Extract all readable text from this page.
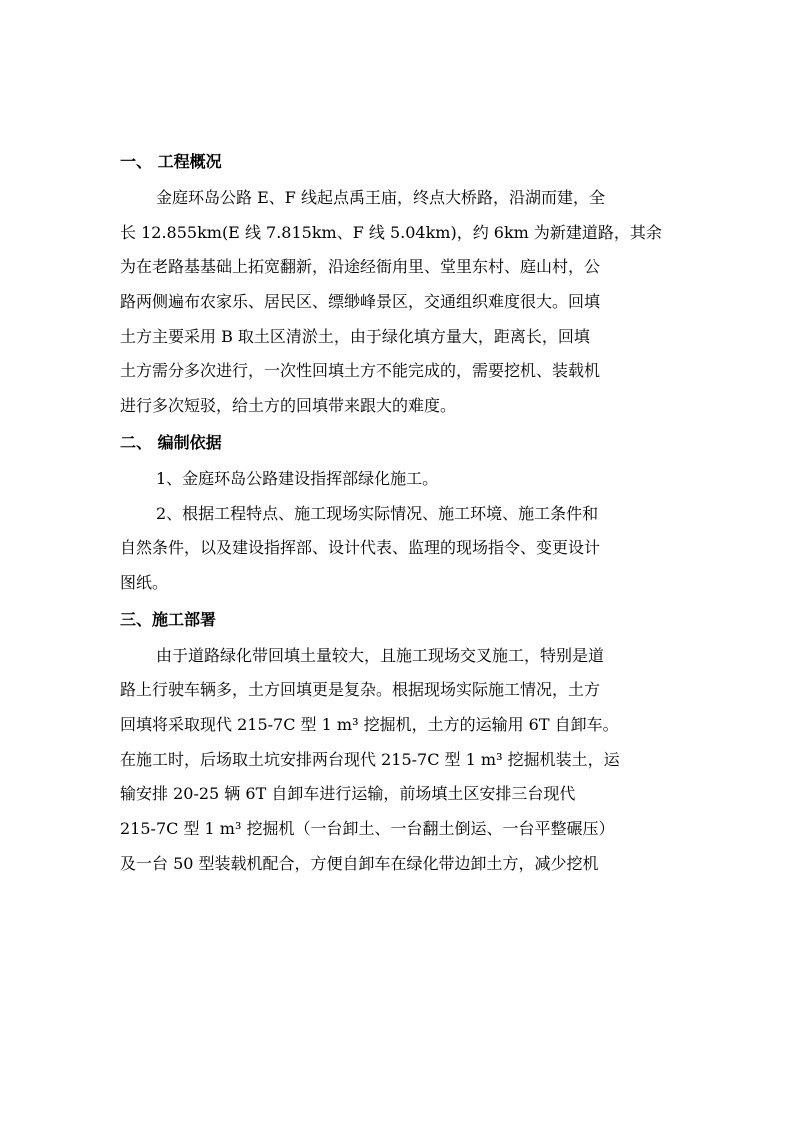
一、 工程概况
金庭环岛公路 E、F 线起点禹王庙，终点大桥路，沿湖而建，全
长 12.855km(E 线 7.815km、F 线 5.04km)，约 6km 为新建道路，其余
为在老路基基础上拓宽翻新，沿途经衙甪里、堂里东村、庭山村，公
路两侧遍布农家乐、居民区、缥缈峰景区，交通组织难度很大。回填
土方主要采用 B 取土区清淤土，由于绿化填方量大，距离长，回填
土方需分多次进行，一次性回填土方不能完成的，需要挖机、装载机
进行多次短驳，给土方的回填带来跟大的难度。
二、 编制依据
1、金庭环岛公路建设指挥部绿化施工。
2、根据工程特点、施工现场实际情况、施工环境、施工条件和
自然条件，以及建设指挥部、设计代表、监理的现场指令、变更设计
图纸。
三、施工部署
由于道路绿化带回填土量较大，且施工现场交叉施工，特别是道
路上行驶车辆多，土方回填更是复杂。根据现场实际施工情况，土方
回填将采取现代 215-7C 型 1 m³ 挖掘机，土方的运输用 6T 自卸车。
在施工时，后场取土坑安排两台现代 215-7C 型 1 m³ 挖掘机装土，运
输安排 20-25 辆 6T 自卸车进行运输，前场填土区安排三台现代
215-7C 型 1 m³ 挖掘机（一台卸土、一台翻土倒运、一台平整碾压）
及一台 50 型装载机配合，方便自卸车在绿化带边卸土方，减少挖机
